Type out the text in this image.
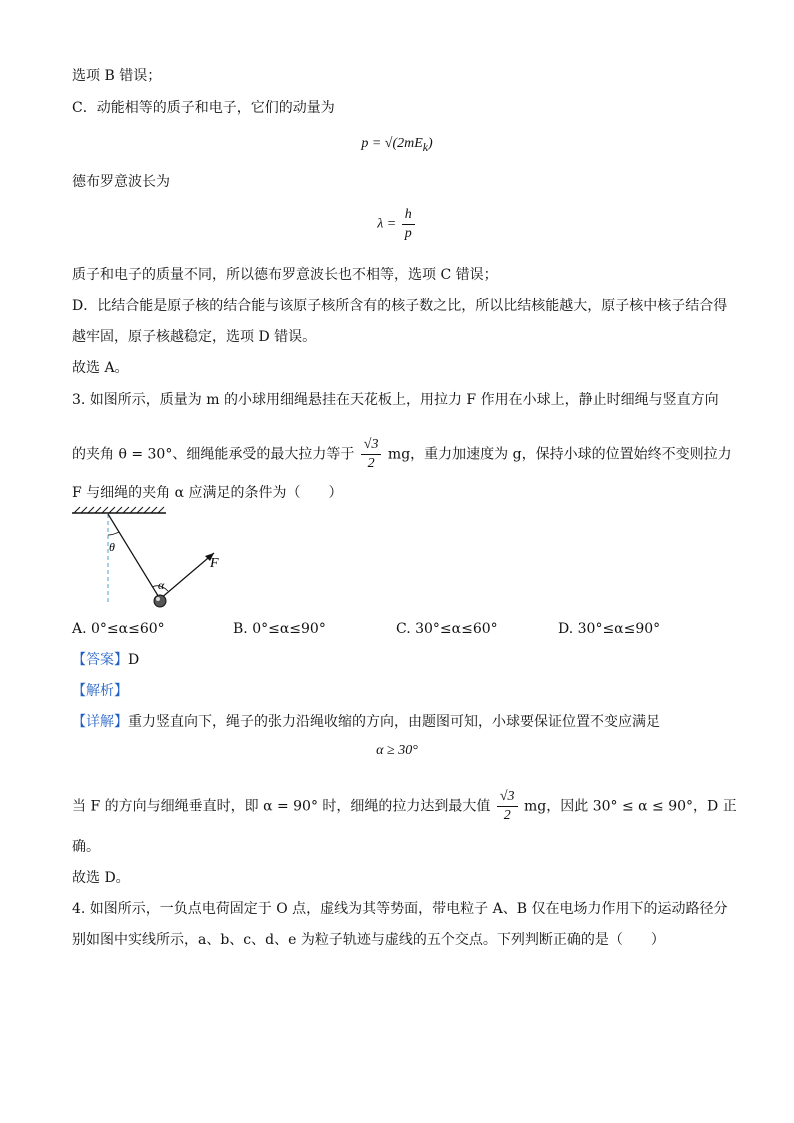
选项 B 错误；
C．动能相等的质子和电子，它们的动量为
$p = √(2mE_k)$
德布罗意波长为
$\lambda = \frac{h}{p}$
质子和电子的质量不同，所以德布罗意波长也不相等，选项 C 错误；
D．比结合能是原子核的结合能与该原子核所含有的核子数之比，所以比结核能越大，原子核中核子结合得
越牢固，原子核越稳定，选项 D 错误。
故选 A。
3. 如图所示，质量为 m 的小球用细绳悬挂在天花板上，用拉力 F 作用在小球上，静止时细绳与竖直方向
的夹角 θ = 30°、细绳能承受的最大拉力等于 $\frac{√3}{2}$ mg，重力加速度为 g，保持小球的位置始终不变则拉力
F 与细绳的夹角 α 应满足的条件为（　　）
θ
F
α
A. 0°≤α≤60°	B. 0°≤α≤90°	C. 30°≤α≤60°	D. 30°≤α≤90°
【答案】D
【解析】
【详解】重力竖直向下，绳子的张力沿绳收缩的方向，由题图可知，小球要保证位置不变应满足
α ≥ 30°
当 F 的方向与细绳垂直时，即 α = 90° 时，细绳的拉力达到最大值 $\frac{√3}{2}$ mg，因此 30° ≤ α ≤ 90°，D 正
确。
故选 D。
4. 如图所示，一负点电荷固定于 O 点，虚线为其等势面，带电粒子 A、B 仅在电场力作用下的运动路径分
别如图中实线所示，a、b、c、d、e 为粒子轨迹与虚线的五个交点。下列判断正确的是（　　）
